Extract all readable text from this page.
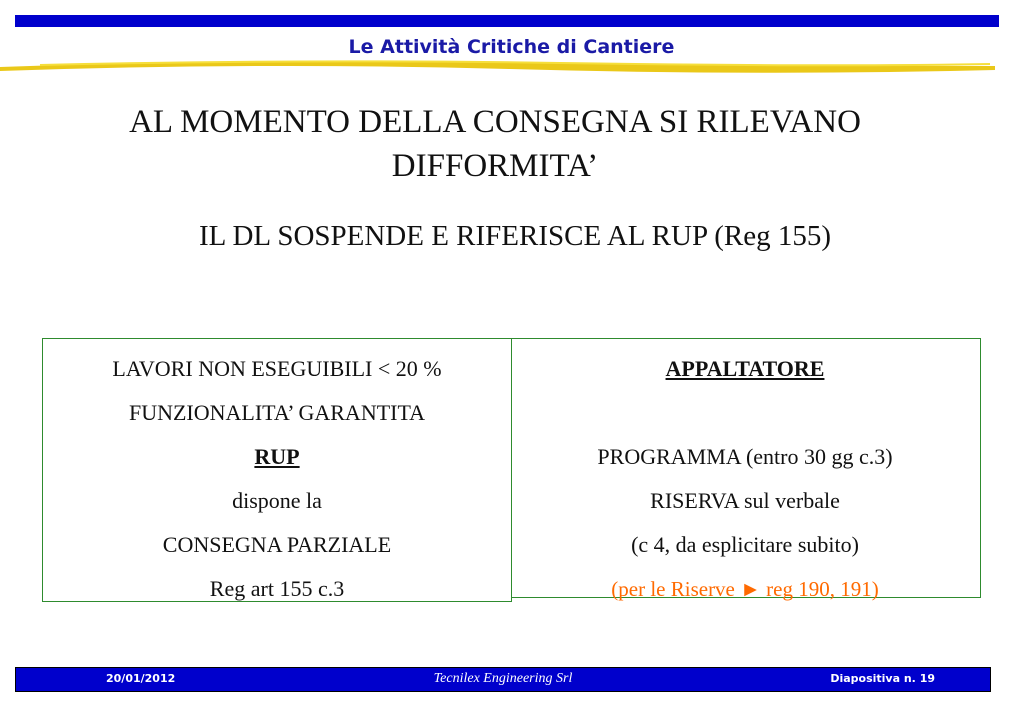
Le Attività Critiche di Cantiere
AL MOMENTO DELLA CONSEGNA SI RILEVANO
DIFFORMITA’
IL DL SOSPENDE E RIFERISCE AL RUP (Reg 155)
APPALTATORE
PROGRAMMA (entro 30 gg c.3)
RISERVA sul verbale
(c 4, da esplicitare subito)
(per le Riserve ► reg 190, 191)
LAVORI NON ESEGUIBILI < 20 %
FUNZIONALITA’ GARANTITA
RUP
dispone la
CONSEGNA PARZIALE
Reg art 155 c.3
20/01/2012	Tecnilex Engineering Srl	Diapositiva n. 19
